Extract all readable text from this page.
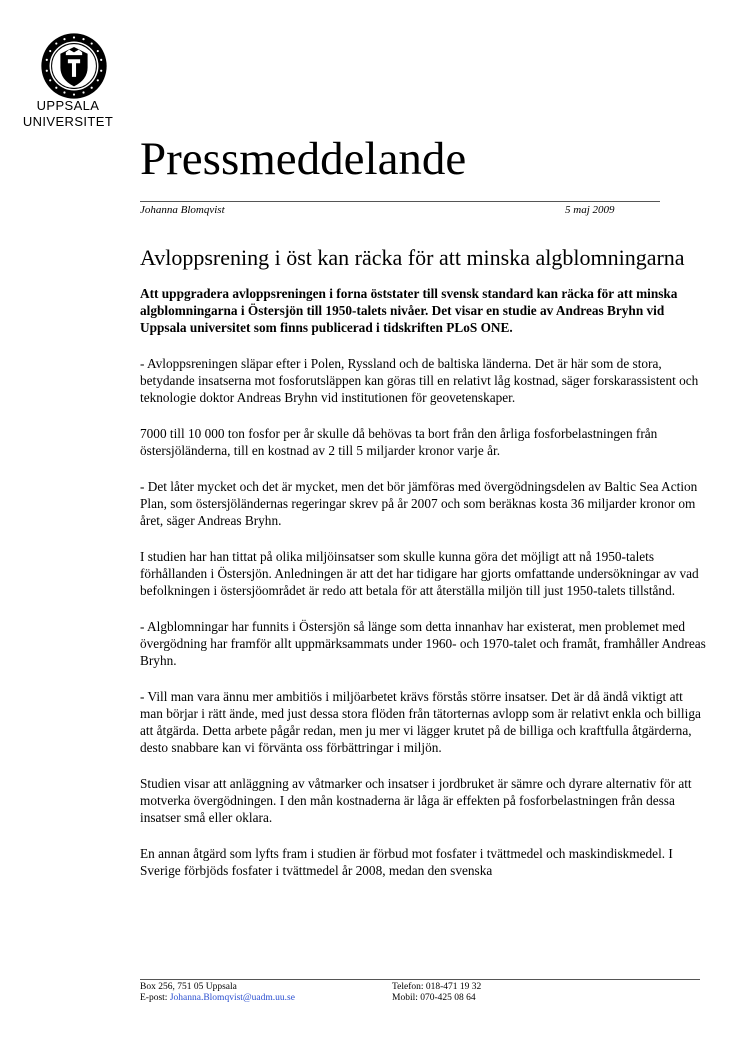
UPPSALA
UNIVERSITET
Pressmeddelande
Johanna Blomqvist	5 maj 2009
Avloppsrening i öst kan räcka för att minska algblomningarna

Att uppgradera avloppsreningen i forna öststater till svensk standard kan räcka för att minska algblomningarna i Östersjön till 1950-talets nivåer. Det visar en studie av Andreas Bryhn vid Uppsala universitet som finns publicerad i tidskriften PLoS ONE.

- Avloppsreningen släpar efter i Polen, Ryssland och de baltiska länderna. Det är här som de stora, betydande insatserna mot fosforutsläppen kan göras till en relativt låg kostnad, säger forskarassistent och teknologie doktor Andreas Bryhn vid institutionen för geovetenskaper.

7000 till 10 000 ton fosfor per år skulle då behövas ta bort från den årliga fosforbelastningen från östersjöländerna, till en kostnad av 2 till 5 miljarder kronor varje år.

- Det låter mycket och det är mycket, men det bör jämföras med övergödningsdelen av Baltic Sea Action Plan, som östersjöländernas regeringar skrev på år 2007 och som beräknas kosta 36 miljarder kronor om året, säger Andreas Bryhn.

I studien har han tittat på olika miljöinsatser som skulle kunna göra det möjligt att nå 1950-talets förhållanden i Östersjön. Anledningen är att det har tidigare har gjorts omfattande undersökningar av vad befolkningen i östersjöområdet är redo att betala för att återställa miljön till just 1950-talets tillstånd.

- Algblomningar har funnits i Östersjön så länge som detta innanhav har existerat, men problemet med övergödning har framför allt uppmärksammats under 1960- och 1970-talet och framåt, framhåller Andreas Bryhn.

- Vill man vara ännu mer ambitiös i miljöarbetet krävs förstås större insatser. Det är då ändå viktigt att man börjar i rätt ände, med just dessa stora flöden från tätorternas avlopp som är relativt enkla och billiga att åtgärda. Detta arbete pågår redan, men ju mer vi lägger krutet på de billiga och kraftfulla åtgärderna, desto snabbare kan vi förvänta oss förbättringar i miljön.

Studien visar att anläggning av våtmarker och insatser i jordbruket är sämre och dyrare alternativ för att motverka övergödningen. I den mån kostnaderna är låga är effekten på fosforbelastningen från dessa insatser små eller oklara.

En annan åtgärd som lyfts fram i studien är förbud mot fosfater i tvättmedel och maskindiskmedel. I Sverige förbjöds fosfater i tvättmedel år 2008, medan den svenska

Box 256, 751 05 Uppsala
E-post: Johanna.Blomqvist@uadm.uu.se
Telefon: 018-471 19 32
Mobil: 070-425 08 64
